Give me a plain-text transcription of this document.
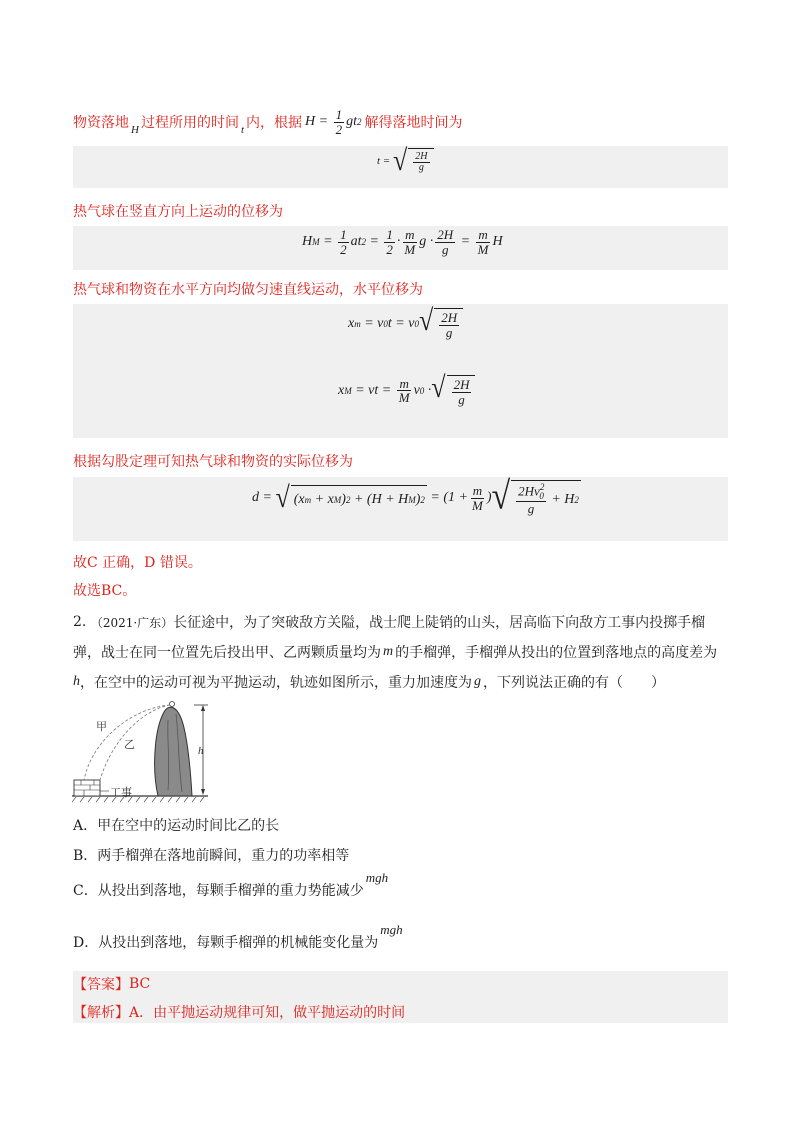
物资落地 H 过程所用的时间 t 内，根据 $H = \frac{1}{2}$ gt 2 解得落地时间为
t =
√ $\frac{2H}{g}$
热气球在竖直方向上运动的位移为
H M
=
$\frac{1}{2}$ at 2
=
$\frac{1}{2} \cdot \frac{m}{M}$ $g \cdot \frac{2H}{g}$
=
$\frac{m}{M}$ H
热气球和物资在水平方向均做匀速直线运动，水平位移为
x m
= v 0 t = v 0 √ $\frac{2H}{g}$
x M
= vt =
$\frac{m}{M}$ v 0 · √ $\frac{2H}{g}$
根据勾股定理可知热气球和物资的实际位移为
d =
√ (x m
+ x M ) 2
+ (H + H M ) 2
= ($1 + \frac{m}{M}$ ) √ $\frac{2Hv^2_0}{g}$
+ H 2
故C 正确，D 错误。
故选BC。
2.
（2021·广东） 长征途中，为了突破敌方关隘，战士爬上陡销的山头，居高临下向敌方工事内投掷手榴
弹，战士在同一位置先后投出甲、乙两颗质量均为 m 的手榴弹，手榴弹从投出的位置到落地点的高度差为
h ，在空中的运动可视为平抛运动，轨迹如图所示，重力加速度为 g ，下列说法正确的有（　　）
甲
乙	h
工事
A．甲在空中的运动时间比乙的长
B．两手榴弹在落地前瞬间，重力的功率相等
C．从投出到落地，每颗手榴弹的重力势能减少
mgh
D．从投出到落地，每颗手榴弹的机械能变化量为
mgh
【答案】 BC
【解析】 A．由平抛运动规律可知，做平抛运动的时间
